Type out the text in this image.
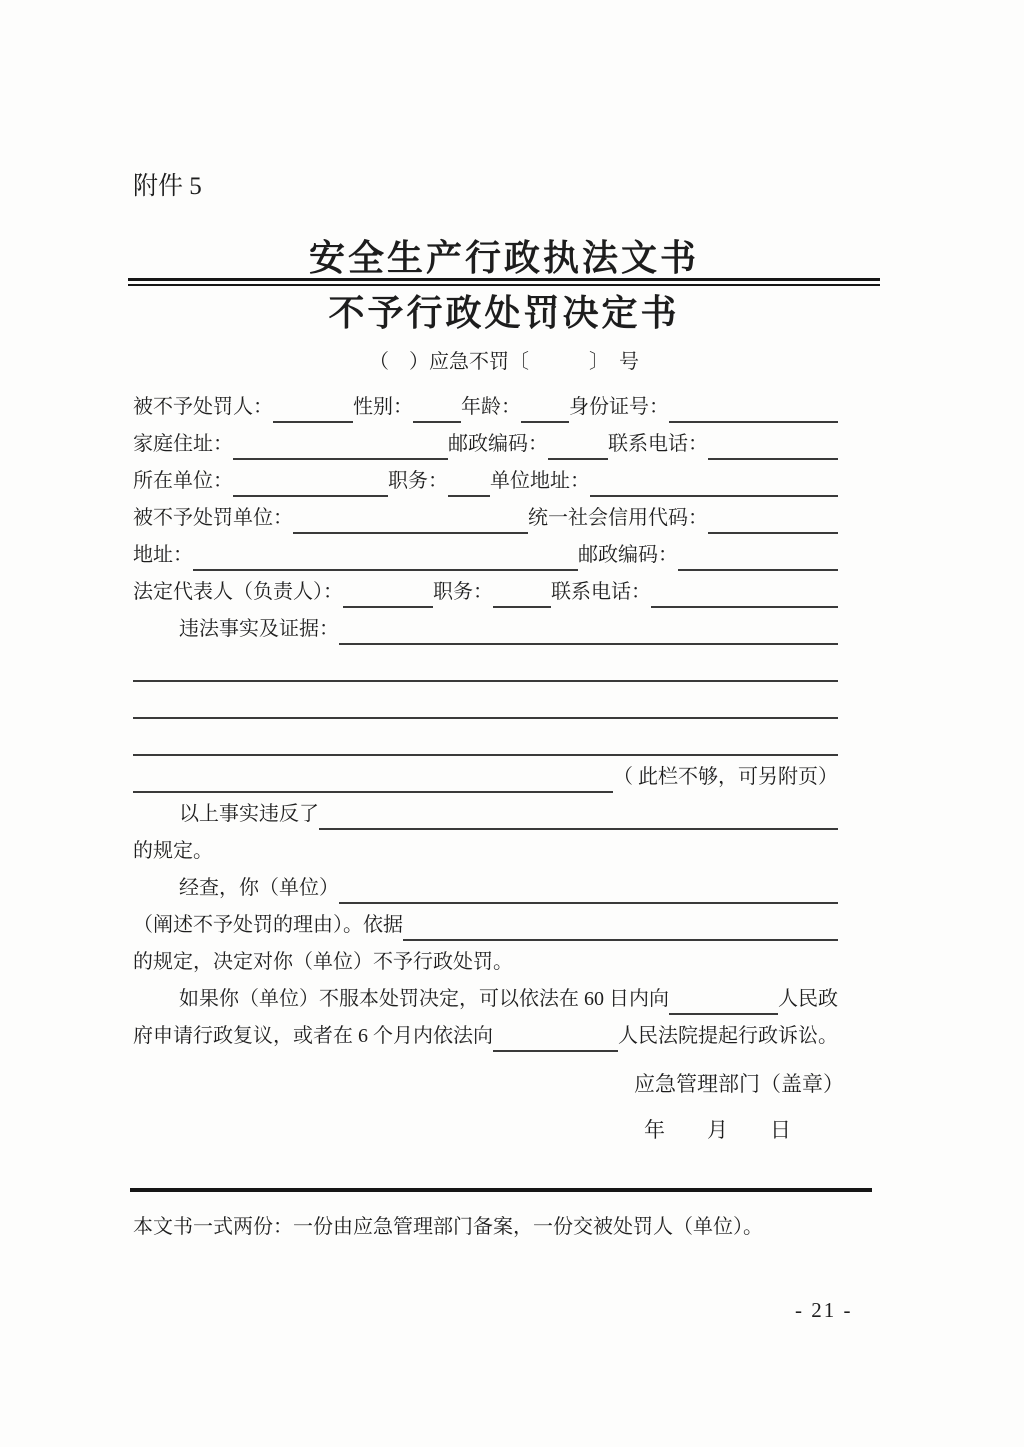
附件 5
安全生产行政执法文书
不予行政处罚决定书
（　）应急不罚〔　　　〕　号
被不予处罚人：	性别： 年龄： 身份证号：
家庭住址：	邮政编码：	联系电话：
所在单位：	职务： 单位地址：
被不予处罚单位：	统一社会信用代码：
地址：	邮政编码：
法定代表人（负责人）：	职务：	联系电话：
违法事实及证据：
（ 此栏不够，可另附页）
以上事实违反了
的规定。
经查，你（单位）
（阐述不予处罚的理由）。依据
的规定，决定对你（单位）不予行政处罚。
如果你（单位）不服本处罚决定，可以依法在 60 日内向	人民政
府申请行政复议，或者在 6 个月内依法向	人民法院提起行政诉讼。
应急管理部门（盖章）
年　　月　　日
本文书一式两份：一份由应急管理部门备案，一份交被处罚人（单位）。
- 21 -
